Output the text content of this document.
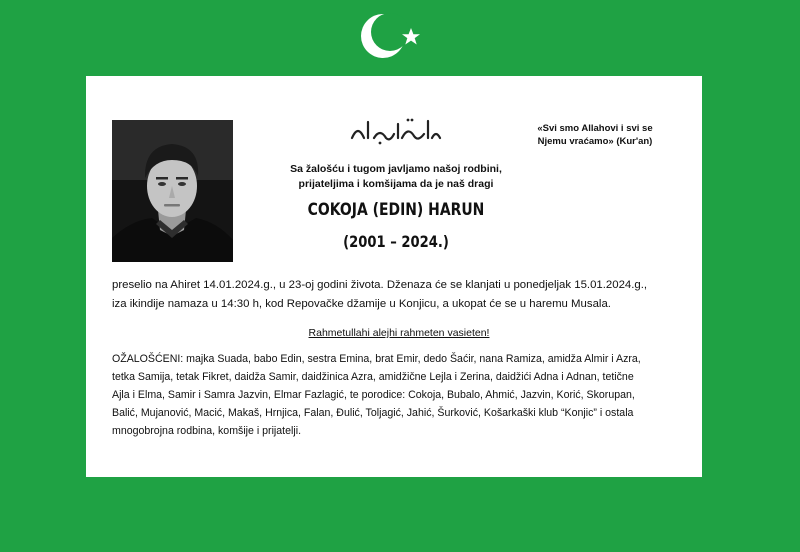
«Svi smo Allahovi i svi se
Njemu vraćamo» (Kur'an)
Sa žalošću i tugom javljamo našoj rodbini,
prijateljima i komšijama da je naš dragi
COKOJA (EDIN) HARUN
(2001 – 2024.)
preselio na Ahiret 14.01.2024.g., u 23-oj godini života. Dženaza će se klanjati u ponedjeljak 15.01.2024.g.,
iza ikindije namaza u 14:30 h, kod Repovačke džamije u Konjicu, a ukopat će se u haremu Musala.
Rahmetullahi alejhi rahmeten vasieten!
OŽALOŠĆENI: majka Suada, babo Edin, sestra Emina, brat Emir, dedo Šaćir, nana Ramiza, amidža Almir i Azra,
tetka Samija, tetak Fikret, daidža Samir, daidžinica Azra, amidžične Lejla i Zerina, daidžići Adna i Adnan, tetične
Ajla i Elma, Samir i Samra Jazvin, Elmar Fazlagić, te porodice: Cokoja, Bubalo, Ahmić, Jazvin, Korić, Skorupan,
Balić, Mujanović, Macić, Makaš, Hrnjica, Falan, Đulić, Toljagić, Jahić, Šurković, Košarkaški klub “Konjic” i ostala
mnogobrojna rodbina, komšije i prijatelji.
